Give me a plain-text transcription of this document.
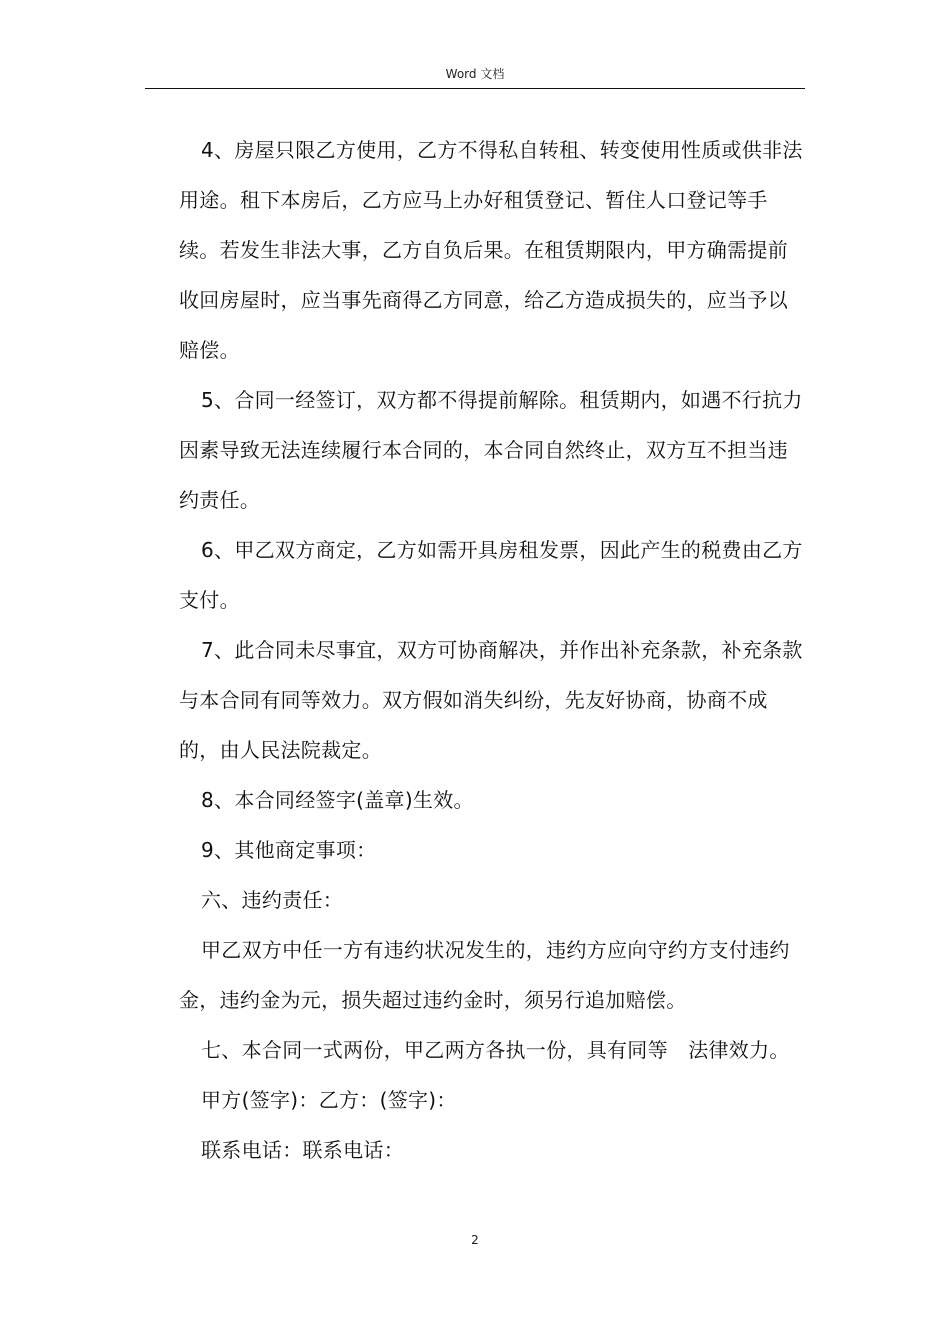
Word 文档

4、房屋只限乙方使用，乙方不得私自转租、转变使用性质或供非法用途。租下本房后，乙方应马上办好租赁登记、暂住人口登记等手续。若发生非法大事，乙方自负后果。在租赁期限内，甲方确需提前收回房屋时，应当事先商得乙方同意，给乙方造成损失的，应当予以赔偿。

5、合同一经签订，双方都不得提前解除。租赁期内，如遇不行抗力因素导致无法连续履行本合同的，本合同自然终止，双方互不担当违约责任。

6、甲乙双方商定，乙方如需开具房租发票，因此产生的税费由乙方支付。

7、此合同未尽事宜，双方可协商解决，并作出补充条款，补充条款与本合同有同等效力。双方假如消失纠纷，先友好协商，协商不成的，由人民法院裁定。

8、本合同经签字(盖章)生效。

9、其他商定事项：

六、违约责任：

甲乙双方中任一方有违约状况发生的，违约方应向守约方支付违约金，违约金为元，损失超过违约金时，须另行追加赔偿。

七、本合同一式两份，甲乙两方各执一份，具有同等　法律效力。

甲方(签字)：乙方：(签字)：

联系电话：联系电话：

2
